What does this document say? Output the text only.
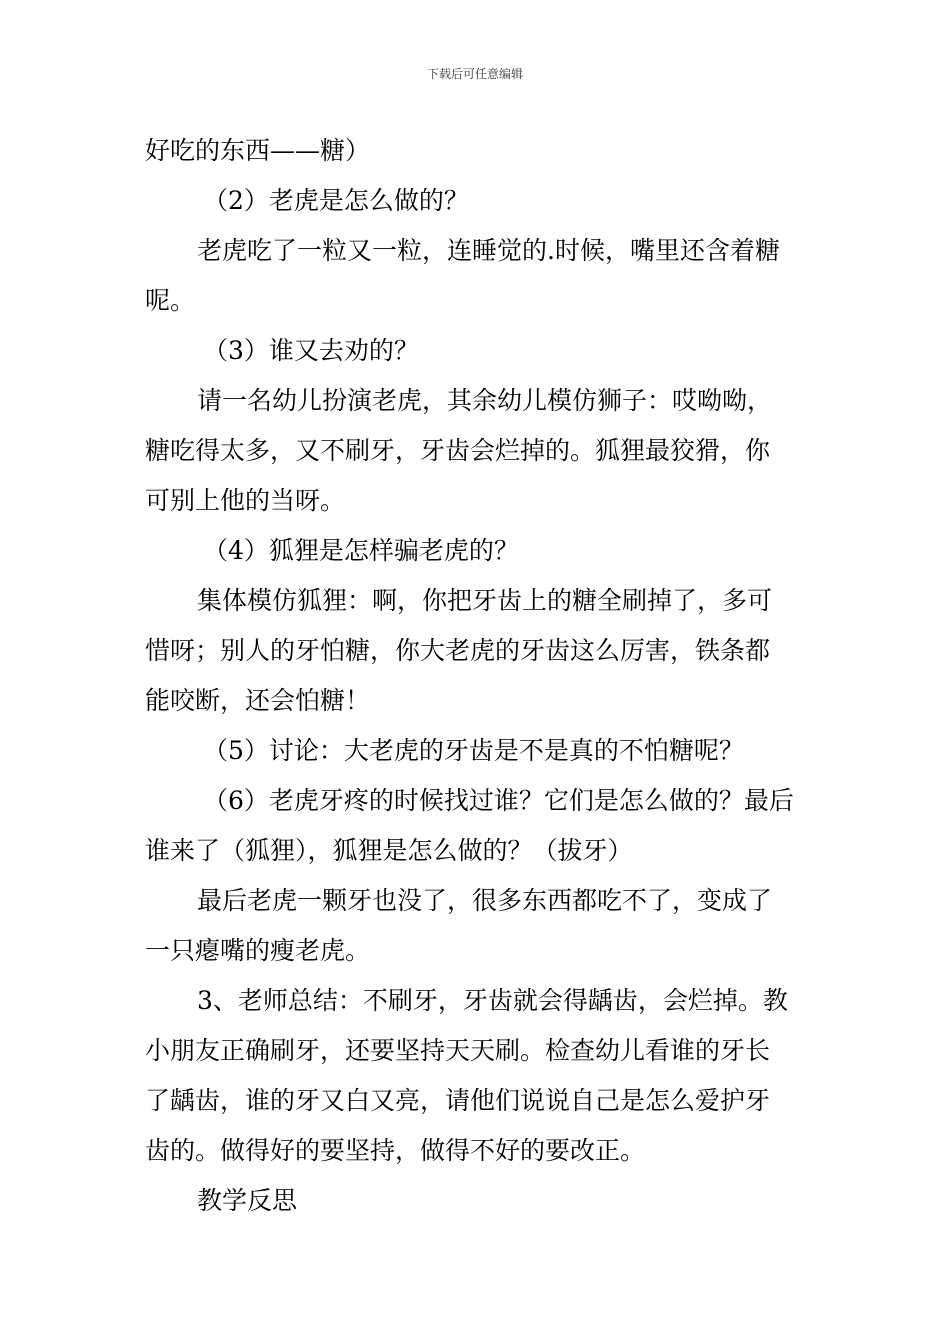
下载后可任意编辑

好吃的东西——糖）

（2）老虎是怎么做的？

老虎吃了一粒又一粒，连睡觉的.时候，嘴里还含着糖

呢。

（3）谁又去劝的？

请一名幼儿扮演老虎，其余幼儿模仿狮子：哎呦呦，

糖吃得太多，又不刷牙，牙齿会烂掉的。狐狸最狡猾，你

可别上他的当呀。

（4）狐狸是怎样骗老虎的？

集体模仿狐狸：啊，你把牙齿上的糖全刷掉了，多可

惜呀；别人的牙怕糖，你大老虎的牙齿这么厉害，铁条都

能咬断，还会怕糖！

（5）讨论：大老虎的牙齿是不是真的不怕糖呢？

（6）老虎牙疼的时候找过谁？它们是怎么做的？最后

谁来了（狐狸），狐狸是怎么做的？（拔牙）

最后老虎一颗牙也没了，很多东西都吃不了，变成了

一只瘪嘴的瘦老虎。

3、老师总结：不刷牙，牙齿就会得龋齿，会烂掉。教

小朋友正确刷牙，还要坚持天天刷。检查幼儿看谁的牙长

了龋齿，谁的牙又白又亮，请他们说说自己是怎么爱护牙

齿的。做得好的要坚持，做得不好的要改正。

教学反思
